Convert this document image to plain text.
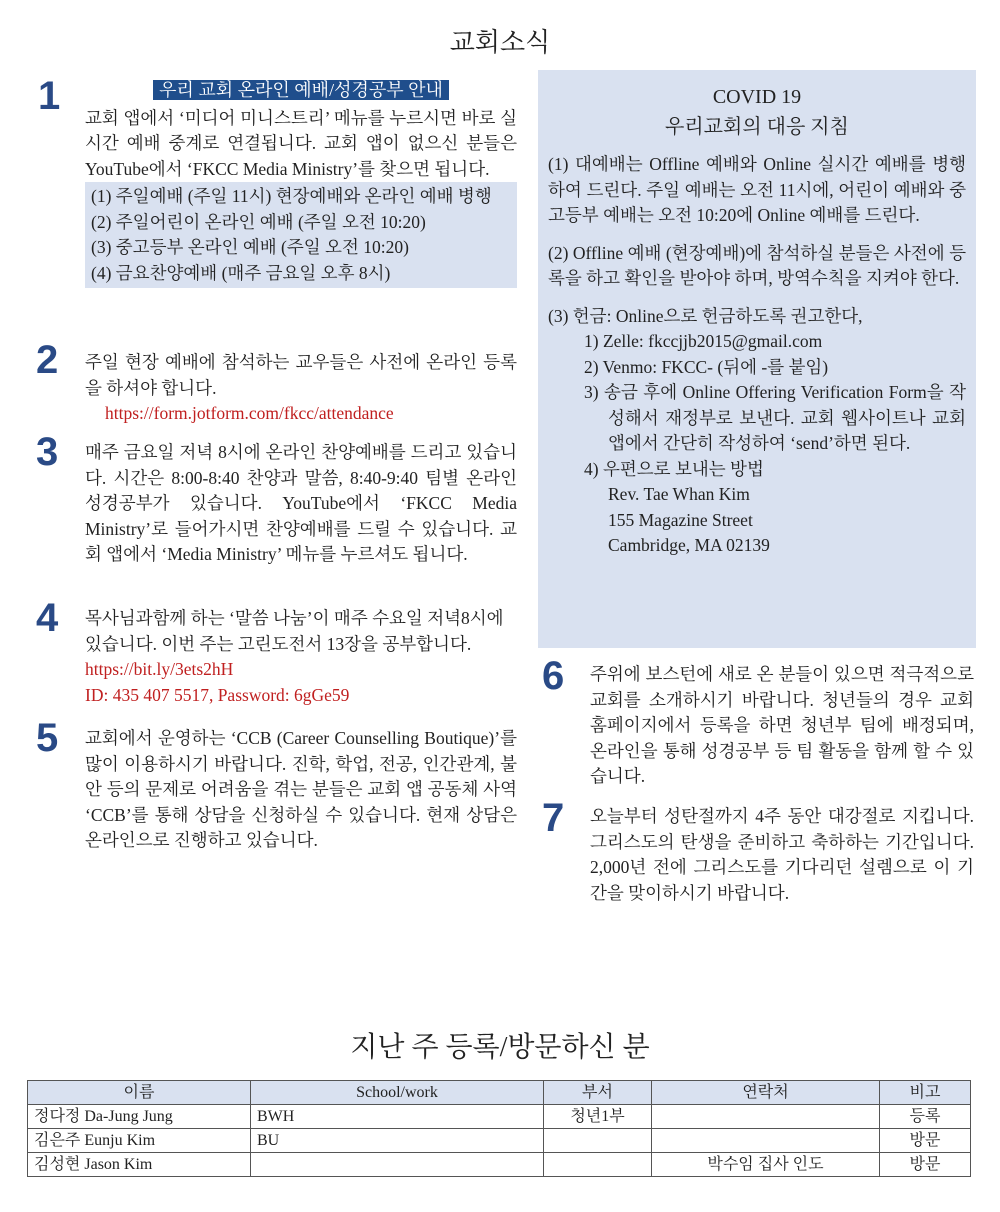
교회소식
1	우리 교회 온라인 예배/성경공부 안내
교회 앱에서 ‘미디어 미니스트리’ 메뉴를 누르시면 바로 실시간 예배 중계로 연결됩니다. 교회 앱이 없으신 분들은 YouTube에서 ‘FKCC Media Ministry’를 찾으면 됩니다.
(1) 주일예배 (주일 11시) 현장예배와 온라인 예배 병행
(2) 주일어린이 온라인 예배 (주일 오전 10:20)
(3) 중고등부 온라인 예배 (주일 오전 10:20)
(4) 금요찬양예배 (매주 금요일 오후 8시)
2 주일 현장 예배에 참석하는 교우들은 사전에 온라인 등록을 하셔야 합니다.
https://form.jotform.com/fkcc/attendance
3 매주 금요일 저녁 8시에 온라인 찬양예배를 드리고 있습니다. 시간은 8:00-8:40 찬양과 말씀, 8:40-9:40 팀별 온라인 성경공부가 있습니다. YouTube에서 ‘FKCC Media Ministry’로 들어가시면 찬양예배를 드릴 수 있습니다. 교회 앱에서 ‘Media Ministry’ 메뉴를 누르셔도 됩니다.
4 목사님과함께 하는 ‘말씀 나눔’이 매주 수요일 저녁8시에 있습니다. 이번 주는 고린도전서 13장을 공부합니다. https://bit.ly/3ets2hH
ID: 435 407 5517, Password: 6gGe59
5 교회에서 운영하는 ‘CCB (Career Counselling Boutique)’를 많이 이용하시기 바랍니다. 진학, 학업, 전공, 인간관계, 불안 등의 문제로 어려움을 겪는 분들은 교회 앱 공동체 사역 ‘CCB’를 통해 상담을 신청하실 수 있습니다. 현재 상담은 온라인으로 진행하고 있습니다.
COVID 19
우리교회의 대응 지침

(1) 대예배는 Offline 예배와 Online 실시간 예배를 병행하여 드린다. 주일 예배는 오전 11시에, 어린이 예배와 중고등부 예배는 오전 10:20에 Online 예배를 드린다.

(2) Offline 예배 (현장예배)에 참석하실 분들은 사전에 등록을 하고 확인을 받아야 하며, 방역수칙을 지켜야 한다.

(3) 헌금: Online으로 헌금하도록 권고한다,
1) Zelle: fkccjjb2015@gmail.com
2) Venmo: FKCC- (뒤에 -를 붙임)
3) 송금 후에 Online Offering Verification Form을 작성해서 재정부로 보낸다. 교회 웹사이트나 교회 앱에서 간단히 작성하여 ‘send’하면 된다.
4) 우편으로 보내는 방법
Rev. Tae Whan Kim
155 Magazine Street
Cambridge, MA 02139
6 주위에 보스턴에 새로 온 분들이 있으면 적극적으로 교회를 소개하시기 바랍니다. 청년들의 경우 교회 홈페이지에서 등록을 하면 청년부 팀에 배정되며, 온라인을 통해 성경공부 등 팀 활동을 함께 할 수 있습니다.
7 오늘부터 성탄절까지 4주 동안 대강절로 지킵니다. 그리스도의 탄생을 준비하고 축하하는 기간입니다. 2,000년 전에 그리스도를 기다리던 설렘으로 이 기간을 맞이하시기 바랍니다.
지난 주 등록/방문하신 분
이름	School/work	부서	연락처	비고
정다정 Da-Jung Jung	BWH	청년1부		등록
김은주 Eunju Kim	BU			방문
김성현 Jason Kim			박수임 집사 인도	방문
